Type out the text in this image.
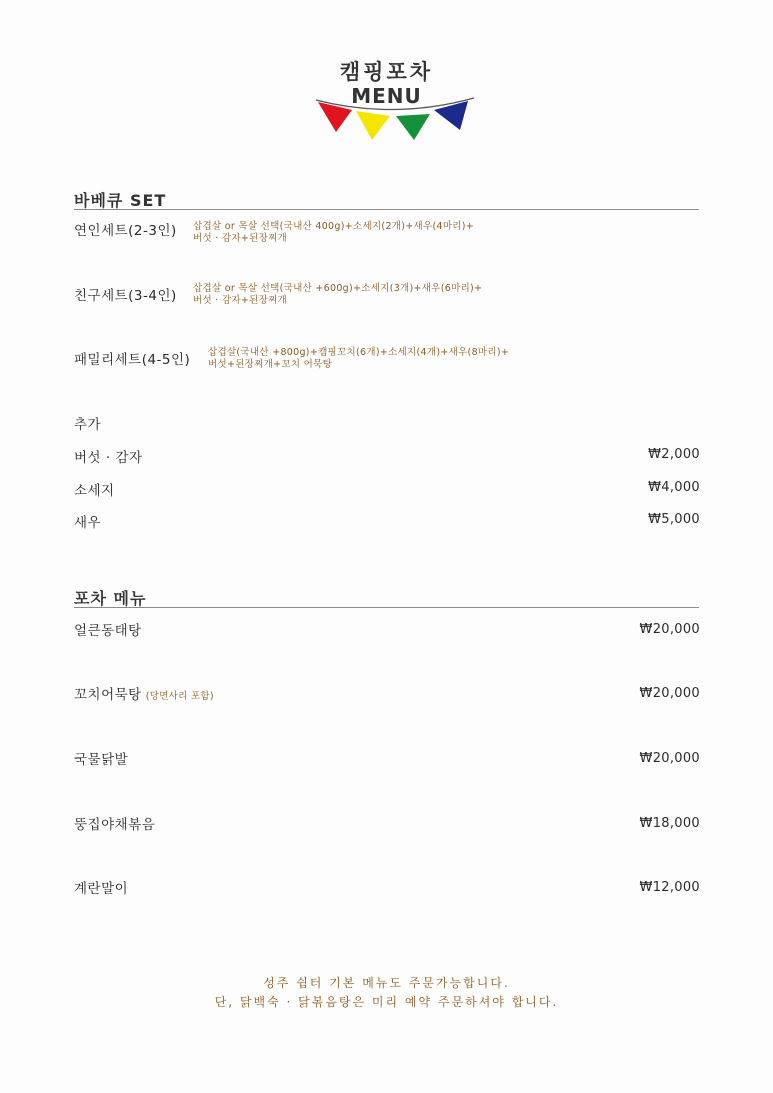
캠핑포차
MENU
바베큐 SET
연인세트(2-3인) 삽겹살 or 목살 선택(국내산 400g)+소세지(2개)+새우(4마리)+
버섯 · 감자+된장찌개
친구세트(3-4인) 삽겹살 or 목살 선택(국내산 +600g)+소세지(3개)+새우(6마리)+
버섯 · 감자+된장찌개
패밀리세트(4-5인) 삽겹살(국내산 +800g)+캠핑꼬치(6개)+소세지(4개)+새우(8마리)+
버섯+된장찌개+꼬치 어묵탕
추가
버섯 · 감자	₩2,000
소세지	₩4,000
새우	₩5,000
포차 메뉴
얼큰동태탕	₩20,000
꼬치어묵탕 (당면사리 포함)	₩20,000
국물닭발	₩20,000
뚱집야채볶음	₩18,000
계란말이	₩12,000
성주 쉼터 기본 메뉴도 주문가능합니다.
단, 닭백숙 · 닭볶음탕은 미리 예약 주문하셔야 합니다.
